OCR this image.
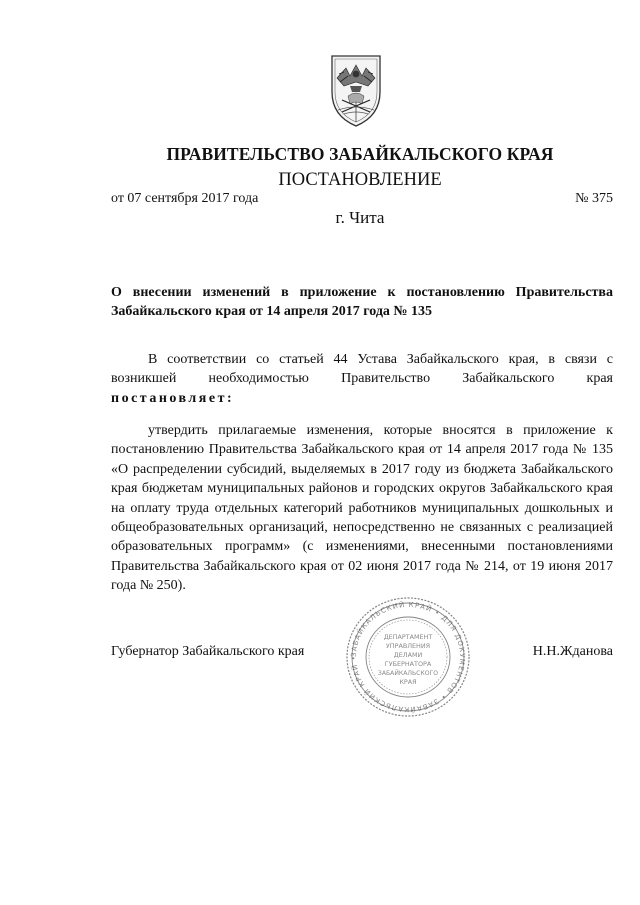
ПРАВИТЕЛЬСТВО ЗАБАЙКАЛЬСКОГО КРАЯ
ПОСТАНОВЛЕНИЕ
от 07 сентября 2017 года	№ 375
г. Чита
О внесении изменений в приложение к постановлению Правительства Забайкальского края от 14 апреля 2017 года № 135
В соответствии со статьей 44 Устава Забайкальского края, в связи с возникшей необходимостью Правительство Забайкальского края постановляет:
утвердить прилагаемые изменения, которые вносятся в приложение к постановлению Правительства Забайкальского края от 14 апреля 2017 года № 135 «О распределении субсидий, выделяемых в 2017 году из бюджета Забайкальского края бюджетам муниципальных районов и городских округов Забайкальского края на оплату труда отдельных категорий работников муниципальных дошкольных и общеобразовательных организаций, непосредственно не связанных с реализацией образовательных программ» (с изменениями, внесенными постановлениями Правительства Забайкальского края от 02 июня 2017 года № 214, от 19 июня 2017 года № 250).
Губернатор Забайкальского края	ЗАБАЙКАЛЬСКИЙ КРАЙ • ДЛЯ ДОКУМЕНТОВ • ЗАБАЙКАЛЬСКИЙ КРАЙ •
ДЕПАРТАМЕНТ
УПРАВЛЕНИЯ
ДЕЛАМИ
ГУБЕРНАТОРА
ЗАБАЙКАЛЬСКОГО
КРАЯ
Н.Н.Жданова
